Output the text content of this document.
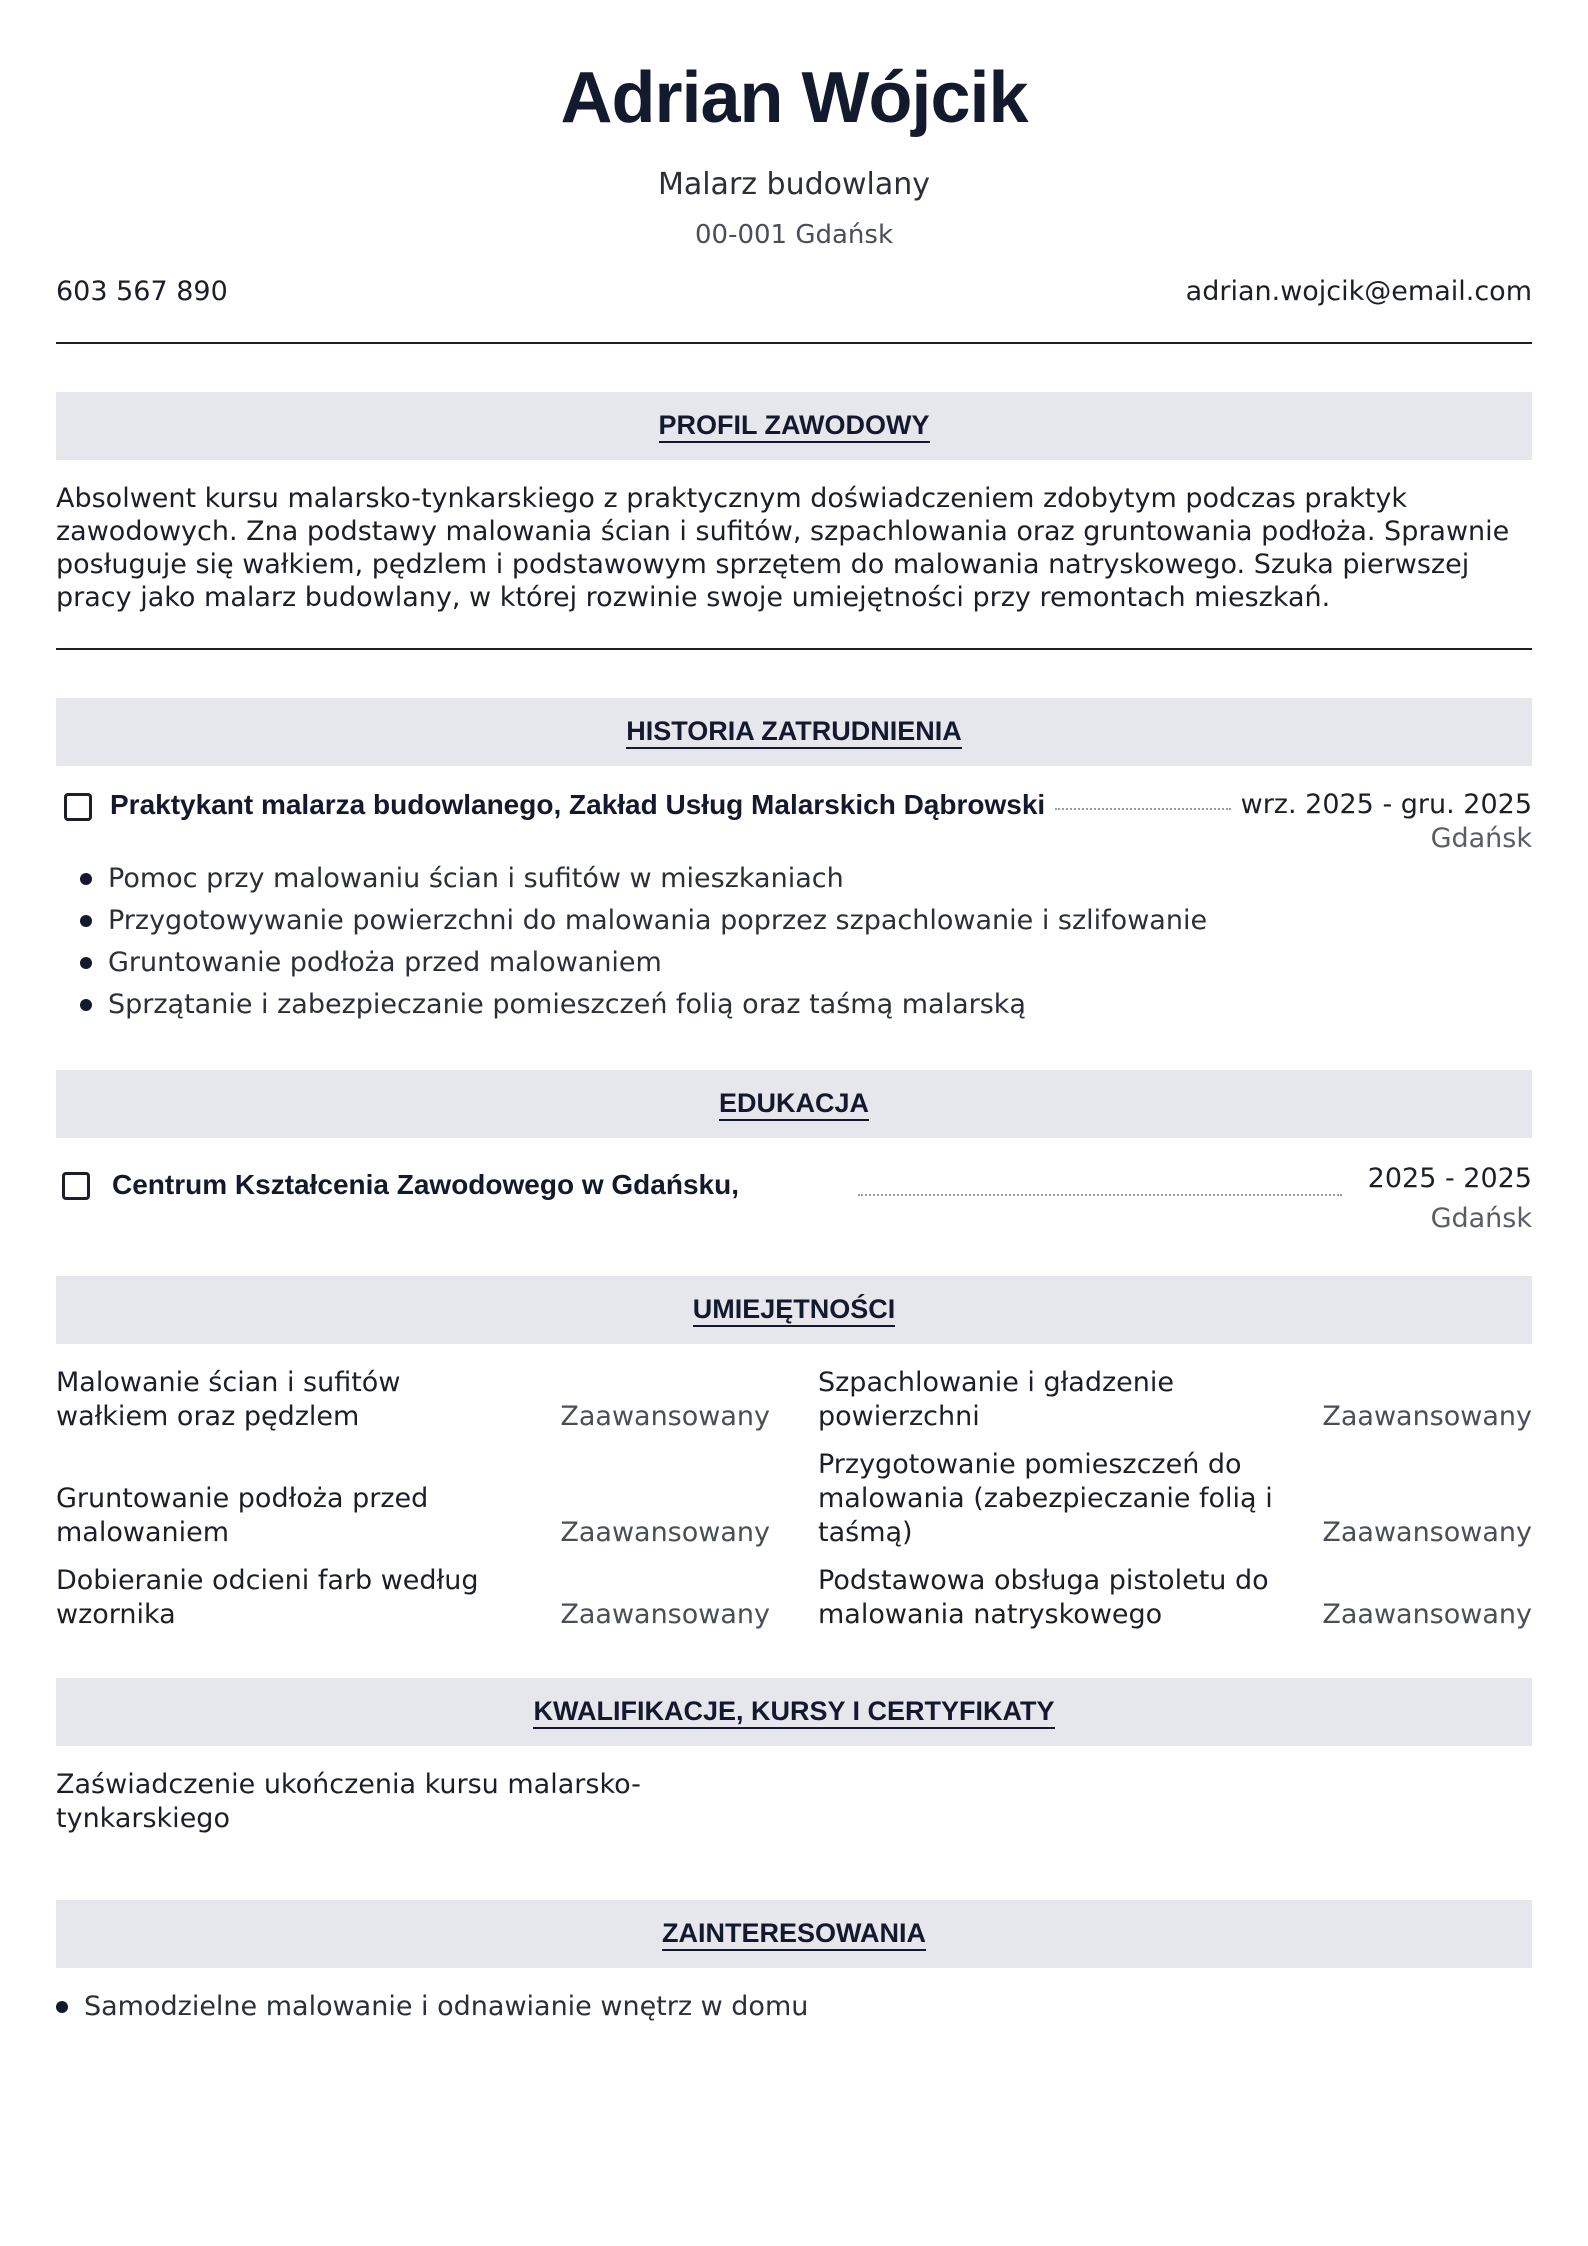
Adrian Wójcik
Malarz budowlany
00-001 Gdańsk
603 567 890	adrian.wojcik@email.com
PROFIL ZAWODOWY

Absolwent kursu malarsko-tynkarskiego z praktycznym doświadczeniem zdobytym podczas praktyk zawodowych. Zna podstawy malowania ścian i sufitów, szpachlowania oraz gruntowania podłoża. Sprawnie posługuje się wałkiem, pędzlem i podstawowym sprzętem do malowania natryskowego. Szuka pierwszej pracy jako malarz budowlany, w której rozwinie swoje umiejętności przy remontach mieszkań.

HISTORIA ZATRUDNIENIA
Praktykant malarza budowlanego, Zakład Usług Malarskich Dąbrowski	wrz. 2025 - gru. 2025
Gdańsk
Pomoc przy malowaniu ścian i sufitów w mieszkaniach
Przygotowywanie powierzchni do malowania poprzez szpachlowanie i szlifowanie
Gruntowanie podłoża przed malowaniem
Sprzątanie i zabezpieczanie pomieszczeń folią oraz taśmą malarską
EDUKACJA
Centrum Kształcenia Zawodowego w Gdańsku,	2025 - 2025
Gdańsk
UMIEJĘTNOŚCI
Malowanie ścian i sufitów wałkiem oraz pędzlem	Zaawansowany
Szpachlowanie i gładzenie powierzchni	Zaawansowany
Gruntowanie podłoża przed malowaniem	Zaawansowany
Przygotowanie pomieszczeń do malowania (zabezpieczanie folią i taśmą)	Zaawansowany
Dobieranie odcieni farb według wzornika	Zaawansowany
Podstawowa obsługa pistoletu do malowania natryskowego	Zaawansowany
KWALIFIKACJE, KURSY I CERTYFIKATY

Zaświadczenie ukończenia kursu malarsko-tynkarskiego

ZAINTERESOWANIA
Samodzielne malowanie i odnawianie wnętrz w domu
